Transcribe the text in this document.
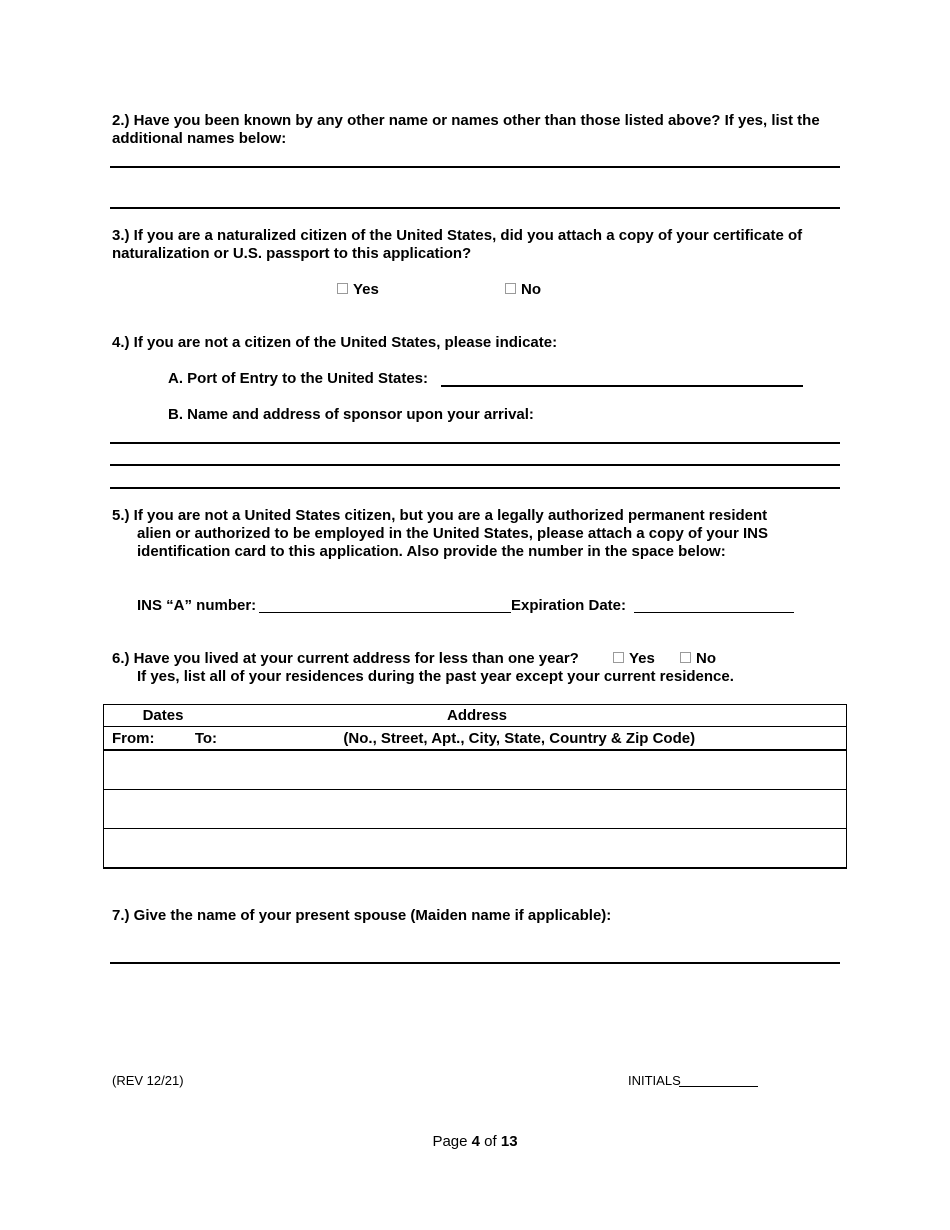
2.) Have you been known by any other name or names other than those listed above? If yes, list the additional names below:
3.) If you are a naturalized citizen of the United States, did you attach a copy of your certificate of naturalization or U.S. passport to this application?
Yes	No
4.) If you are not a citizen of the United States, please indicate:
A. Port of Entry to the United States:
B. Name and address of sponsor upon your arrival:
5.) If you are not a United States citizen, but you are a legally authorized permanent resident
alien or authorized to be employed in the United States, please attach a copy of your INS
identification card to this application. Also provide the number in the space below:
INS “A” number:	Expiration Date:
6.) Have you lived at your current address for less than one year?	Yes	No
If yes, list all of your residences during the past year except your current residence.
Dates	Address
From:	To:	(No., Street, Apt., City, State, Country & Zip Code)

7.) Give the name of your present spouse (Maiden name if applicable):
(REV 12/21)	INITIALS
Page 4 of 13
